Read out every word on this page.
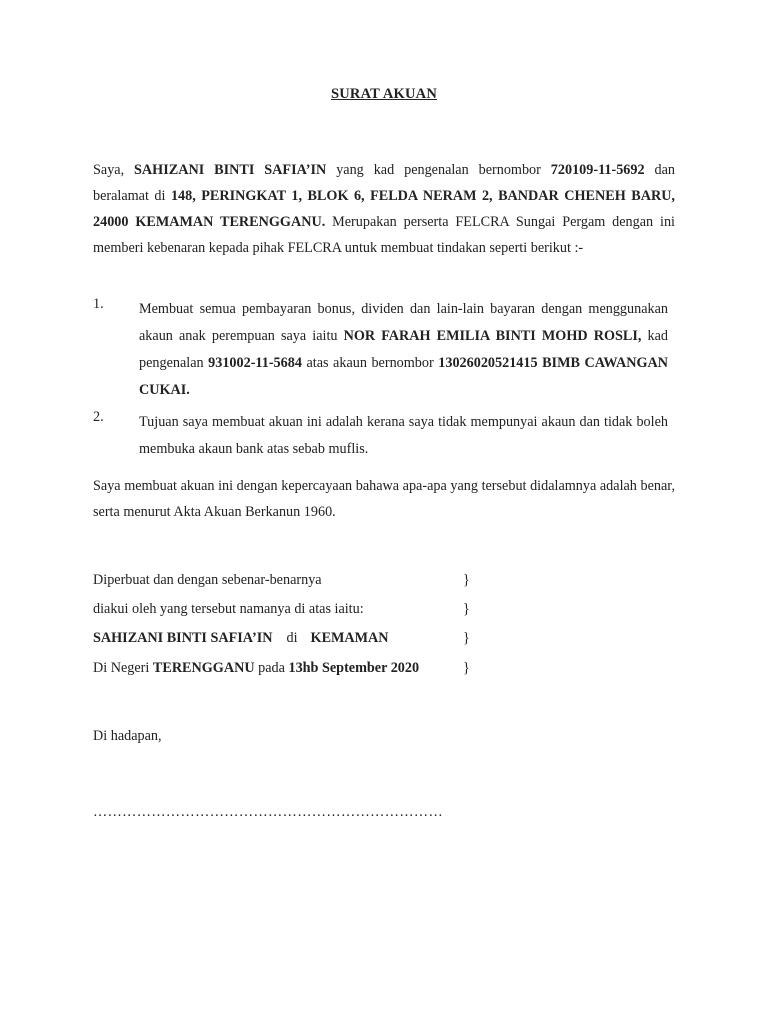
SURAT AKUAN

Saya, SAHIZANI BINTI SAFIA’IN yang kad pengenalan bernombor 720109-11-5692 dan beralamat di 148, PERINGKAT 1, BLOK 6, FELDA NERAM 2, BANDAR CHENEH BARU, 24000 KEMAMAN TERENGGANU. Merupakan perserta FELCRA Sungai Pergam dengan ini memberi kebenaran kepada pihak FELCRA untuk membuat tindakan seperti berikut :-

1. Membuat semua pembayaran bonus, dividen dan lain-lain bayaran dengan menggunakan akaun anak perempuan saya iaitu NOR FARAH EMILIA BINTI MOHD ROSLI, kad pengenalan 931002-11-5684 atas akaun bernombor 13026020521415 BIMB CAWANGAN CUKAI.

2. Tujuan saya membuat akuan ini adalah kerana saya tidak mempunyai akaun dan tidak boleh membuka akaun bank atas sebab muflis.

Saya membuat akuan ini dengan kepercayaan bahawa apa-apa yang tersebut didalamnya adalah benar, serta menurut Akta Akuan Berkanun 1960.

Diperbuat dan dengan sebenar-benarnya	}
diakui oleh yang tersebut namanya di atas iaitu:	}
SAHIZANI BINTI SAFIA’IN di KEMAMAN	}
Di Negeri TERENGGANU pada 13hb September 2020	}
Di hadapan,
………………………………………………………………
